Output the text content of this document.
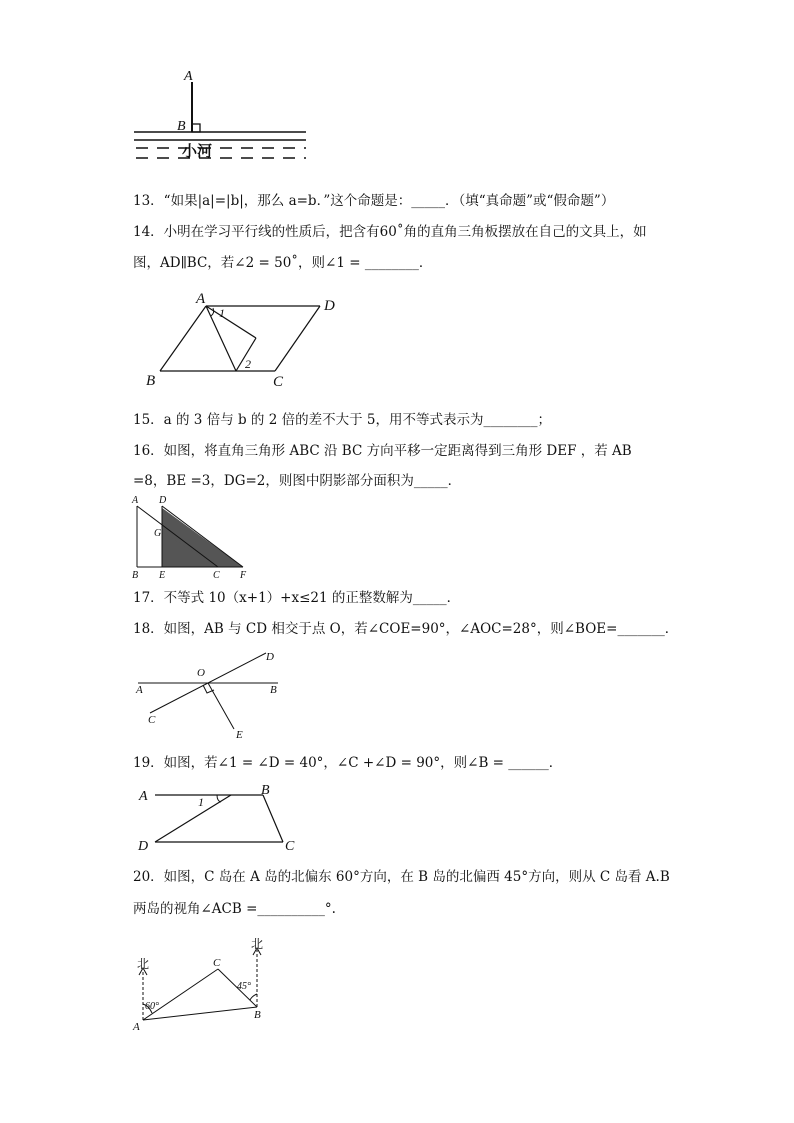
A
B
小河
13．“如果|a|=|b|，那么 a=b．”这个命题是：_____．（填“真命题”或“假命题”）
14．小明在学习平行线的性质后，把含有60˚角的直角三角板摆放在自己的文具上，如
图，AD∥BC，若∠2 = 50˚，则∠1 = ________．
A	D
B	C
1
2
15．a 的 3 倍与 b 的 2 倍的差不大于 5，用不等式表示为________；
16．如图，将直角三角形 ABC 沿 BC 方向平移一定距离得到三角形 DEF ，若 AB
=8，BE =3，DG=2，则图中阴影部分面积为_____．
A D
G
B E	C F
17．不等式 10（x+1）+x≤21 的正整数解为_____．
18．如图，AB 与 CD 相交于点 O，若∠COE=90°，∠AOC=28°，则∠BOE=_______．
O
D
A	B
C
E
19．如图，若∠1 = ∠D = 40°，∠C +∠D = 90°，则∠B = ______．
A	B
1
D	C
20．如图，C 岛在 A 岛的北偏东 60°方向，在 B 岛的北偏西 45°方向，则从 C 岛看 A.B
两岛的视角∠ACB =__________°.
北
北
C
A
B
60°
45°
